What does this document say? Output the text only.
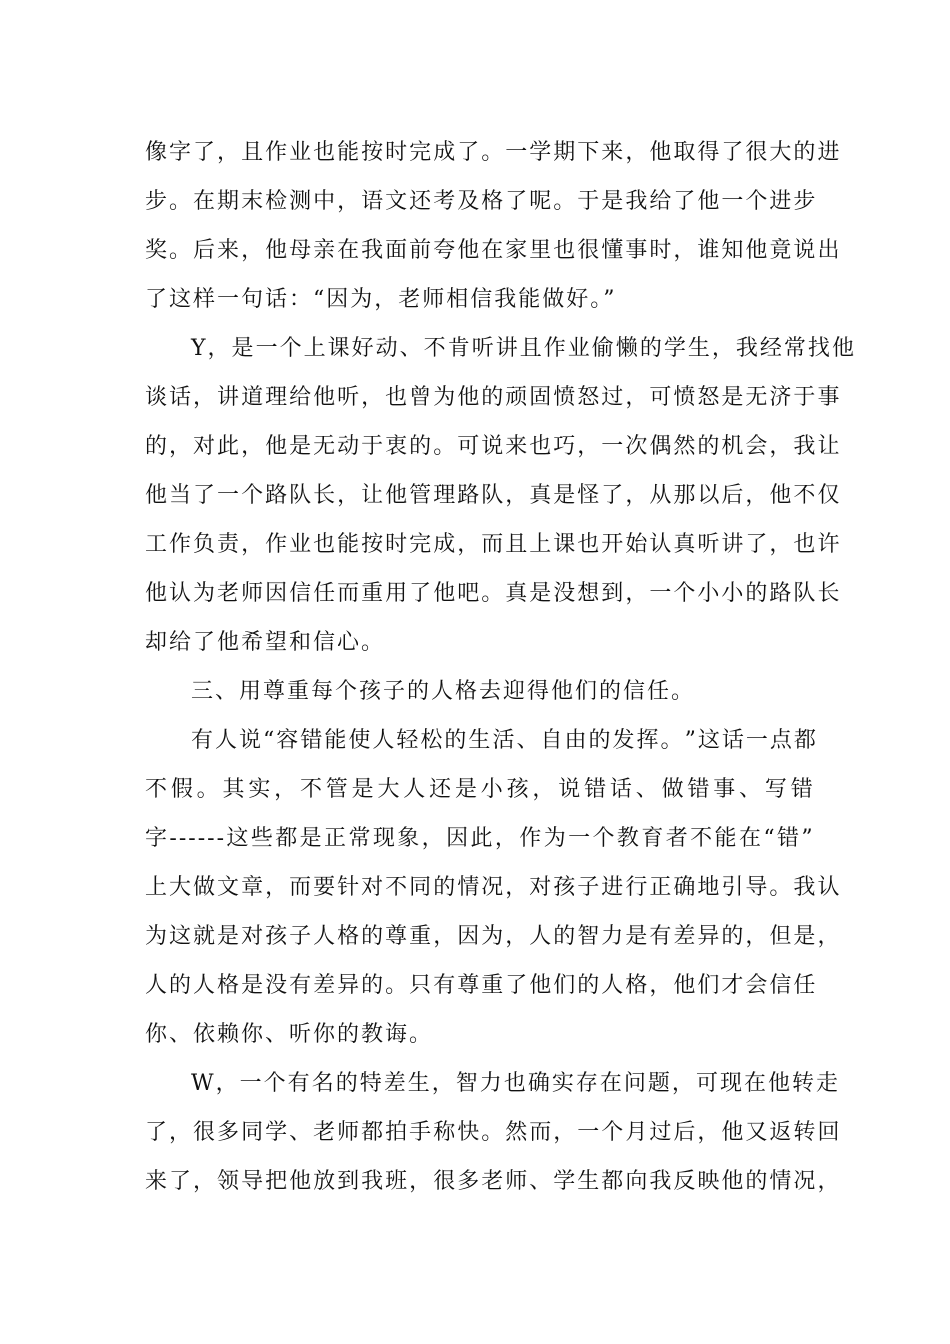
像 字 了 ， 且 作 业 也 能 按 时 完 成 了 。 一 学 期 下 来 ， 他 取 得 了 很 大 的 进
步 。 在 期 末 检 测 中 ， 语 文 还 考 及 格 了 呢 。 于 是 我 给 了 他 一 个 进 步
奖 。 后 来 ， 他 母 亲 在 我 面 前 夸 他 在 家 里 也 很 懂 事 时 ， 谁 知 他 竟 说 出
了这样一句话：“因为，老师相信我能做好。”
Y ， 是 一 个 上 课 好 动 、 不 肯 听 讲 且 作 业 偷 懒 的 学 生 ， 我 经 常 找 他
谈 话 ， 讲 道 理 给 他 听 ， 也 曾 为 他 的 顽 固 愤 怒 过 ， 可 愤 怒 是 无 济 于 事
的 ， 对 此 ， 他 是 无 动 于 衷 的 。 可 说 来 也 巧 ， 一 次 偶 然 的 机 会 ， 我 让
他 当 了 一 个 路 队 长 ， 让 他 管 理 路 队 ， 真 是 怪 了 ， 从 那 以 后 ， 他 不 仅
工 作 负 责 ， 作 业 也 能 按 时 完 成 ， 而 且 上 课 也 开 始 认 真 听 讲 了 ， 也 许
他 认 为 老 师 因 信 任 而 重 用 了 他 吧 。 真 是 没 想 到 ， 一 个 小 小 的 路 队 长
却给了他希望和信心。
三、用尊重每个孩子的人格去迎得他们的信任。
有 人 说 “ 容 错 能 使 人 轻 松 的 生 活 、 自 由 的 发 挥 。 ” 这 话 一 点 都
不 假 。 其 实 ， 不 管 是 大 人 还 是 小 孩 ， 说 错 话 、 做 错 事 、 写 错
字 ------ 这 些 都 是 正 常 现 象 ， 因 此 ， 作 为 一 个 教 育 者 不 能 在 “ 错 ”
上 大 做 文 章 ， 而 要 针 对 不 同 的 情 况 ， 对 孩 子 进 行 正 确 地 引 导 。 我 认
为 这 就 是 对 孩 子 人 格 的 尊 重 ， 因 为 ， 人 的 智 力 是 有 差 异 的 ， 但 是 ，
人 的 人 格 是 没 有 差 异 的 。 只 有 尊 重 了 他 们 的 人 格 ， 他 们 才 会 信 任
你、依赖你、听你的教诲。
W ， 一 个 有 名 的 特 差 生 ， 智 力 也 确 实 存 在 问 题 ， 可 现 在 他 转 走
了 ， 很 多 同 学 、 老 师 都 拍 手 称 快 。 然 而 ， 一 个 月 过 后 ， 他 又 返 转 回
来 了 ， 领 导 把 他 放 到 我 班 ， 很 多 老 师 、 学 生 都 向 我 反 映 他 的 情 况 ，
